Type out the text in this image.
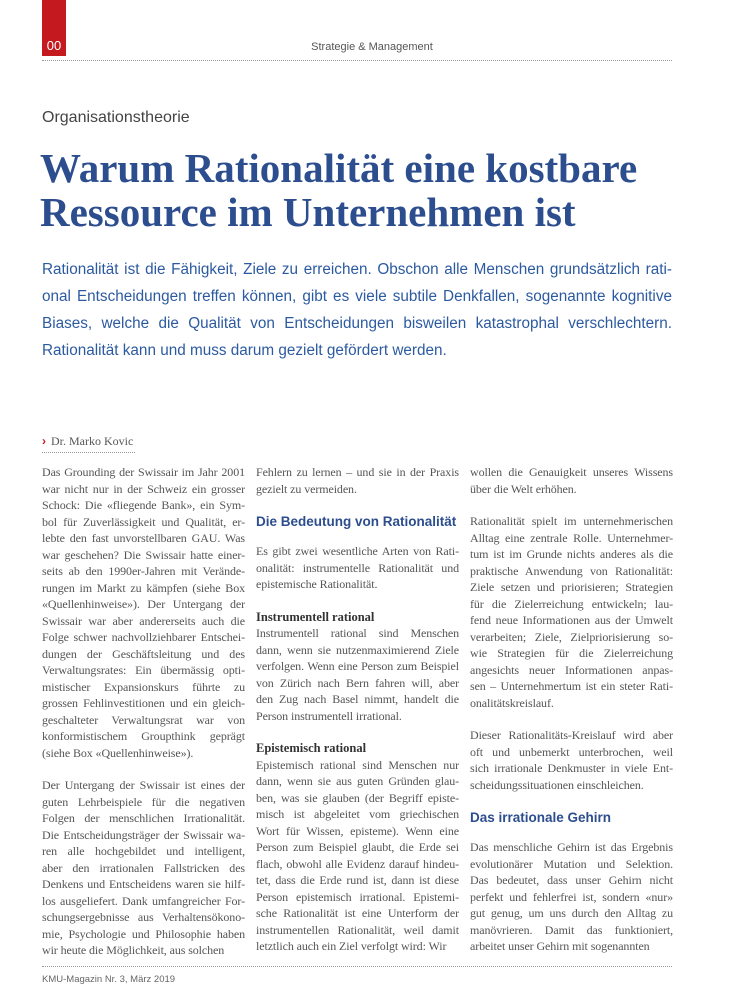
00	Strategie & Management
Organisationstheorie
Warum Rationalität eine kostbare
Ressource im Unternehmen ist
Rationalität ist die Fähigkeit, Ziele zu erreichen. Obschon alle Menschen grundsätzlich rati-
onal Entscheidungen treffen können, gibt es viele subtile Denkfallen, sogenannte kognitive
Biases, welche die Qualität von Entscheidungen bisweilen katastrophal verschlechtern.
Rationalität kann und muss darum gezielt gefördert werden.
› Dr. Marko Kovic

Das Grounding der Swissair im Jahr 2001
war nicht nur in der Schweiz ein grosser
Schock: Die «fliegende Bank», ein Sym-
bol für Zuverlässigkeit und Qualität, er-
lebte den fast unvorstellbaren GAU. Was
war geschehen? Die Swissair hatte einer-
seits ab den 1990er-Jahren mit Verände-
rungen im Markt zu kämpfen (siehe Box
«Quellenhinweise»). Der Untergang der
Swissair war aber andererseits auch die
Folge schwer nachvollziehbarer Entschei-
dungen der Geschäftsleitung und des
Verwaltungsrates: Ein übermässig opti-
mistischer Expansionskurs führte zu
grossen Fehlinvestitionen und ein gleich-
geschalteter Verwaltungsrat war von
konformistischem Groupthink geprägt
(siehe Box «Quellenhinweise»).

Der Untergang der Swissair ist eines der
guten Lehrbeispiele für die negativen
Folgen der menschlichen Irrationalität.
Die Entscheidungsträger der Swissair wa-
ren alle hochgebildet und intelligent,
aber den irrationalen Fallstricken des
Denkens und Entscheidens waren sie hilf-
los ausgeliefert. Dank umfangreicher For-
schungsergebnisse aus Verhaltensökono-
mie, Psychologie und Philosophie haben
wir heute die Möglichkeit, aus solchen

Fehlern zu lernen – und sie in der Praxis
gezielt zu vermeiden.

Die Bedeutung von Rationalität

Es gibt zwei wesentliche Arten von Rati-
onalität: instrumentelle Rationalität und
epistemische Rationalität.

Instrumentell rational

Instrumentell rational sind Menschen
dann, wenn sie nutzenmaximierend Ziele
verfolgen. Wenn eine Person zum Beispiel
von Zürich nach Bern fahren will, aber
den Zug nach Basel nimmt, handelt die
Person instrumentell irrational.

Epistemisch rational

Epistemisch rational sind Menschen nur
dann, wenn sie aus guten Gründen glau-
ben, was sie glauben (der Begriff episte-
misch ist abgeleitet vom griechischen
Wort für Wissen, episteme). Wenn eine
Person zum Beispiel glaubt, die Erde sei
flach, obwohl alle Evidenz darauf hindeu-
tet, dass die Erde rund ist, dann ist diese
Person epistemisch irrational. Epistemi-
sche Rationalität ist eine Unterform der
instrumentellen Rationalität, weil damit
letztlich auch ein Ziel verfolgt wird: Wir

wollen die Genauigkeit unseres Wissens
über die Welt erhöhen.

Rationalität spielt im unternehmerischen
Alltag eine zentrale Rolle. Unternehmer-
tum ist im Grunde nichts anderes als die
praktische Anwendung von Rationalität:
Ziele setzen und priorisieren; Strategien
für die Zielerreichung entwickeln; lau-
fend neue Informationen aus der Umwelt
verarbeiten; Ziele, Zielpriorisierung so-
wie Strategien für die Zielerreichung
angesichts neuer Informationen anpas-
sen – Unternehmertum ist ein steter Rati-
onalitätskreislauf.

Dieser Rationalitäts-Kreislauf wird aber
oft und unbemerkt unterbrochen, weil
sich irrationale Denkmuster in viele Ent-
scheidungssituationen einschleichen.

Das irrationale Gehirn

Das menschliche Gehirn ist das Ergebnis
evolutionärer Mutation und Selektion.
Das bedeutet, dass unser Gehirn nicht
perfekt und fehlerfrei ist, sondern «nur»
gut genug, um uns durch den Alltag zu
manövrieren. Damit das funktioniert,
arbeitet unser Gehirn mit sogenannten

KMU-Magazin Nr. 3, März 2019
